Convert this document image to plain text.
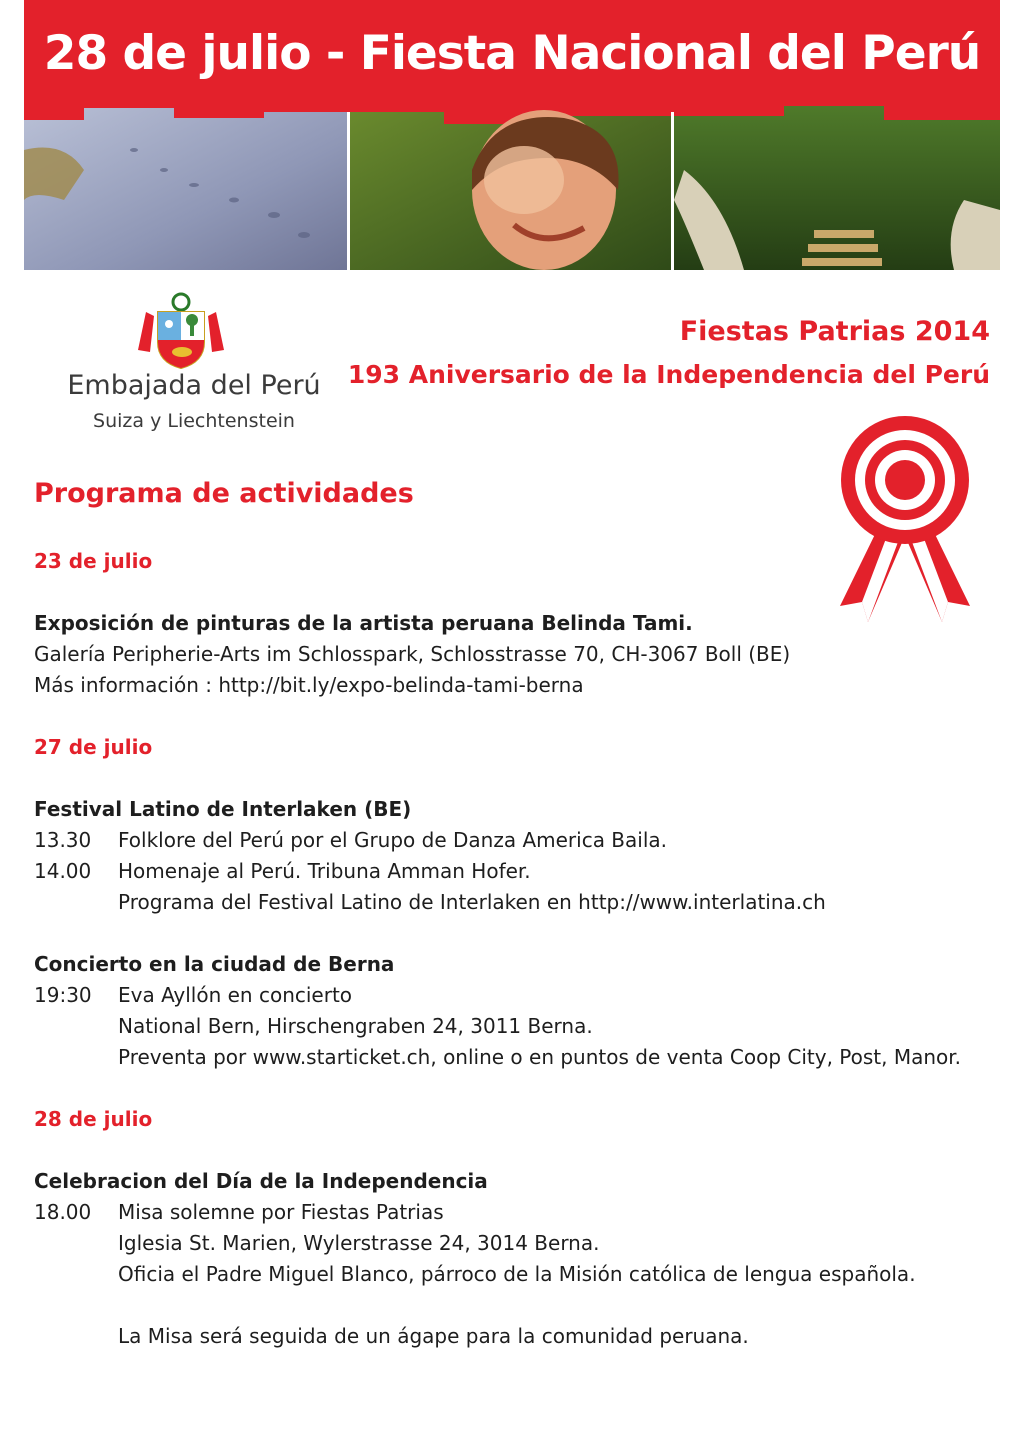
28 de julio - Fiesta Nacional del Perú
Embajada del Perú
Suiza y Liechtenstein
Fiestas Patrias 2014
193 Aniversario de la Independencia del Perú
Programa de actividades
23 de julio
Exposición de pinturas de la artista peruana Belinda Tami.
Galería Peripherie-Arts im Schlosspark, Schlosstrasse 70, CH-3067 Boll (BE)
Más información : http://bit.ly/expo-belinda-tami-berna
27 de julio
Festival Latino de Interlaken (BE)
13.30	Folklore del Perú por el Grupo de Danza America Baila.
14.00	Homenaje al Perú. Tribuna Amman Hofer.
Programa del Festival Latino de Interlaken en http://www.interlatina.ch
Concierto en la ciudad de Berna
19:30	Eva Ayllón en concierto
National Bern, Hirschengraben 24, 3011 Berna.
Preventa por www.starticket.ch, online o en puntos de venta Coop City, Post, Manor.
28 de julio
Celebracion del Día de la Independencia
18.00	Misa solemne por Fiestas Patrias
Iglesia St. Marien, Wylerstrasse 24, 3014 Berna.
Oficia el Padre Miguel Blanco, párroco de la Misión católica de lengua española.
La Misa será seguida de un ágape para la comunidad peruana.
